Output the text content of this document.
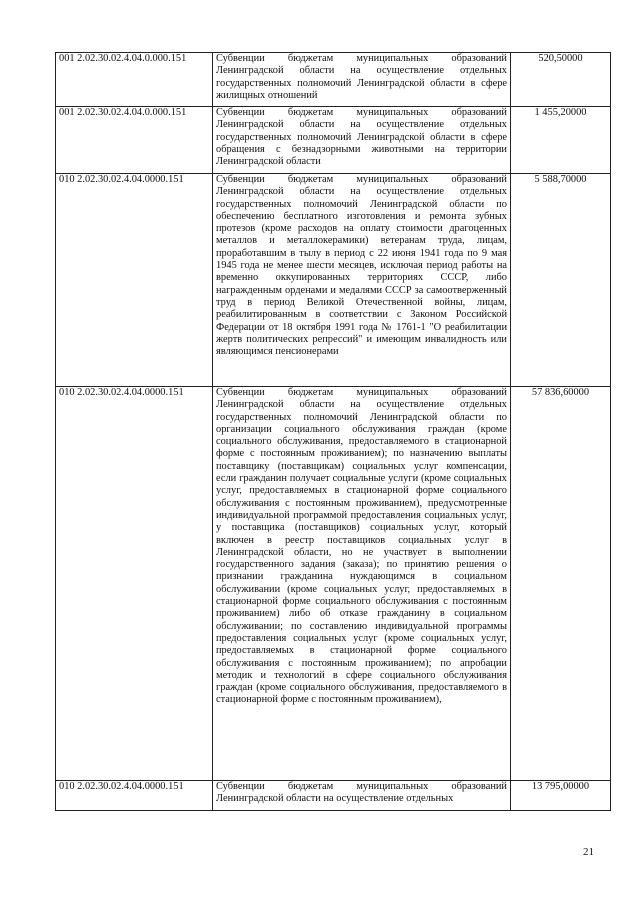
001 2.02.30.02.4.04.0.000.151	Субвенции бюджетам муниципальных образований Ленинградской области на осуществление отдельных государственных полномочий Ленинградской области в сфере жилищных отношений	520,50000
001 2.02.30.02.4.04.0.000.151	Субвенции бюджетам муниципальных образований Ленинградской области на осуществление отдельных государственных полномочий Ленинградской области в сфере обращения с безнадзорными животными на территории Ленинградской области	1 455,20000
010 2.02.30.02.4.04.0000.151	Субвенции бюджетам муниципальных образований Ленинградской области на осуществление отдельных государственных полномочий Ленинградской области по обеспечению бесплатного изготовления и ремонта зубных протезов (кроме расходов на оплату стоимости драгоценных металлов и металлокерамики) ветеранам труда, лицам, проработавшим в тылу в период с 22 июня 1941 года по 9 мая 1945 года не менее шести месяцев, исключая период работы на временно оккупированных территориях СССР, либо награжденным орденами и медалями СССР за самоотверженный труд в период Великой Отечественной войны, лицам, реабилитированным в соответствии с Законом Российской Федерации от 18 октября 1991 года № 1761-1 "О реабилитации жертв политических репрессий" и имеющим инвалидность или являющимся пенсионерами	5 588,70000
010 2.02.30.02.4.04.0000.151	Субвенции бюджетам муниципальных образований Ленинградской области на осуществление отдельных государственных полномочий Ленинградской области по организации социального обслуживания граждан (кроме социального обслуживания, предоставляемого в стационарной форме с постоянным проживанием); по назначению выплаты поставщику (поставщикам) социальных услуг компенсации, если гражданин получает социальные услуги (кроме социальных услуг, предоставляемых в стационарной форме социального обслуживания с постоянным проживанием), предусмотренные индивидуальной программой предоставления социальных услуг, у поставщика (поставщиков) социальных услуг, который включен в реестр поставщиков социальных услуг в Ленинградской области, но не участвует в выполнении государственного задания (заказа); по принятию решения о признании гражданина нуждающимся в социальном обслуживании (кроме социальных услуг, предоставляемых в стационарной форме социального обслуживания с постоянным проживанием) либо об отказе гражданину в социальном обслуживании; по составлению индивидуальной программы предоставления социальных услуг (кроме социальных услуг, предоставляемых в стационарной форме социального обслуживания с постоянным проживанием); по апробации методик и технологий в сфере социального обслуживания граждан (кроме социального обслуживания, предоставляемого в стационарной форме с постоянным проживанием),	57 836,60000
010 2.02.30.02.4.04.0000.151	Субвенции бюджетам муниципальных образований Ленинградской области на осуществление отдельных	13 795,00000
21
